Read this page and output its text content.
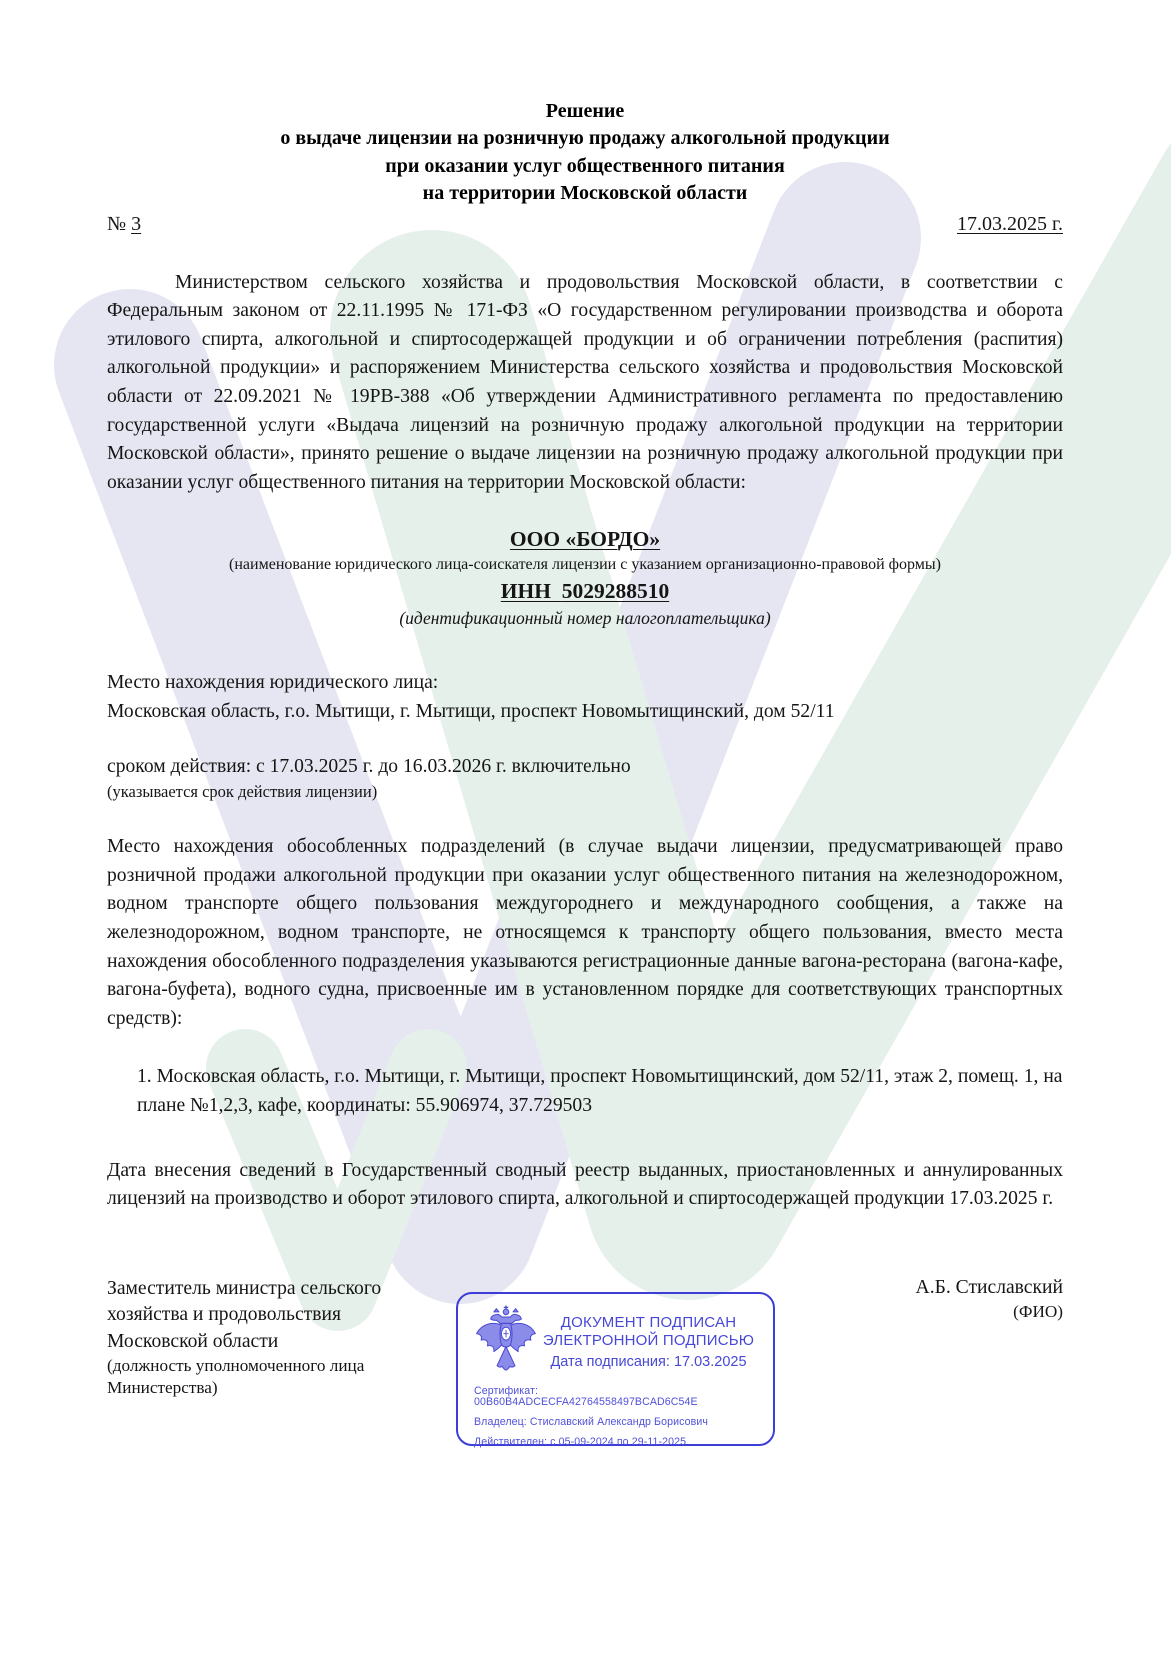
Решение
о выдаче лицензии на розничную продажу алкогольной продукции
при оказании услуг общественного питания
на территории Московской области
№ 3	17.03.2025 г.
Министерством сельского хозяйства и продовольствия Московской области, в соответствии с Федеральным законом от 22.11.1995 № 171-ФЗ «О государственном регулировании производства и оборота этилового спирта, алкогольной и спиртосодержащей продукции и об ограничении потребления (распития) алкогольной продукции» и распоряжением Министерства сельского хозяйства и продовольствия Московской области от 22.09.2021 № 19РВ-388 «Об утверждении Административного регламента по предоставлению государственной услуги «Выдача лицензий на розничную продажу алкогольной продукции на территории Московской области», принято решение о выдаче лицензии на розничную продажу алкогольной продукции при оказании услуг общественного питания на территории Московской области:
ООО «БОРДО»
(наименование юридического лица-соискателя лицензии с указанием организационно-правовой формы)
ИНН 5029288510
(идентификационный номер налогоплательщика)
Место нахождения юридического лица:
Московская область, г.о. Мытищи, г. Мытищи, проспект Новомытищинский, дом 52/11
сроком действия: с 17.03.2025 г. до 16.03.2026 г. включительно
(указывается срок действия лицензии)
Место нахождения обособленных подразделений (в случае выдачи лицензии, предусматривающей право розничной продажи алкогольной продукции при оказании услуг общественного питания на железнодорожном, водном транспорте общего пользования междугороднего и международного сообщения, а также на железнодорожном, водном транспорте, не относящемся к транспорту общего пользования, вместо места нахождения обособленного подразделения указываются регистрационные данные вагона-ресторана (вагона-кафе, вагона-буфета), водного судна, присвоенные им в установленном порядке для соответствующих транспортных средств):
1. Московская область, г.о. Мытищи, г. Мытищи, проспект Новомытищинский, дом 52/11, этаж 2, помещ. 1, на плане №1,2,3, кафе, координаты: 55.906974, 37.729503
Дата внесения сведений в Государственный сводный реестр выданных, приостановленных и аннулированных лицензий на производство и оборот этилового спирта, алкогольной и спиртосодержащей продукции 17.03.2025 г.
Заместитель министра сельского
хозяйства и продовольствия
Московской области
(должность уполномоченного лица
Министерства)
ДОКУМЕНТ ПОДПИСАН
ЭЛЕКТРОННОЙ ПОДПИСЬЮ
Дата подписания: 17.03.2025
Сертификат: 00B60B4ADCECFA42764558497BCAD6C54E
Владелец: Стиславский Александр Борисович
Действителен: с 05-09-2024 по 29-11-2025
А.Б. Стиславский
(ФИО)
